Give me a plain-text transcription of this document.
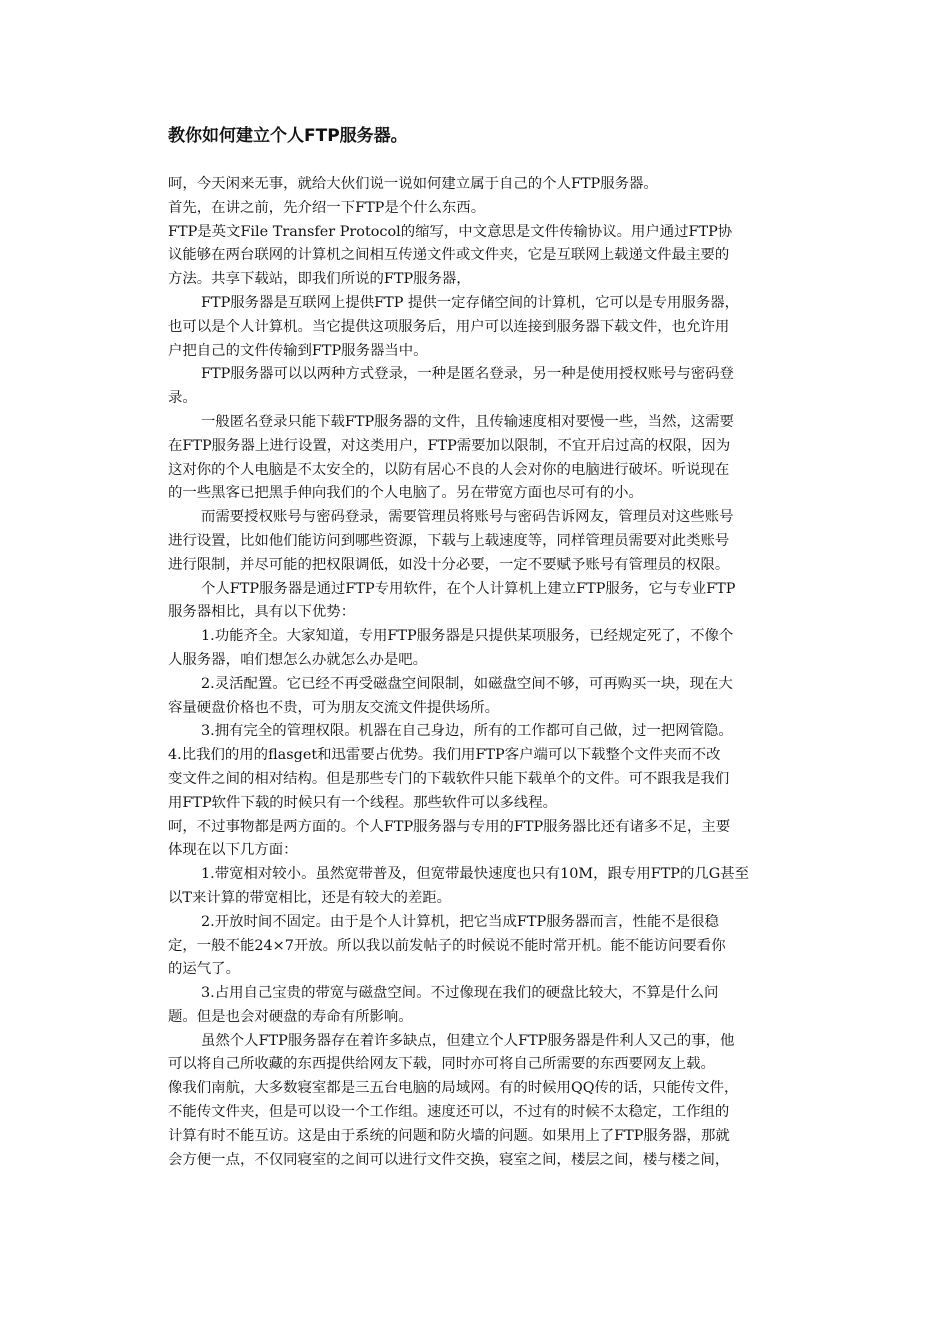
教你如何建立个人FTP服务器。
呵，今天闲来无事，就给大伙们说一说如何建立属于自己的个人FTP服务器。
首先，在讲之前，先介绍一下FTP是个什么东西。
FTP是英文File Transfer Protocol的缩写，中文意思是文件传输协议。用户通过FTP协
议能够在两台联网的计算机之间相互传递文件或文件夹，它是互联网上载递文件最主要的
方法。共享下载站，即我们所说的FTP服务器，
FTP服务器是互联网上提供FTP 提供一定存储空间的计算机，它可以是专用服务器，
也可以是个人计算机。当它提供这项服务后，用户可以连接到服务器下载文件，也允许用
户把自己的文件传输到FTP服务器当中。
FTP服务器可以以两种方式登录，一种是匿名登录，另一种是使用授权账号与密码登
录。
一般匿名登录只能下载FTP服务器的文件，且传输速度相对要慢一些，当然，这需要
在FTP服务器上进行设置，对这类用户，FTP需要加以限制，不宜开启过高的权限，因为
这对你的个人电脑是不太安全的，以防有居心不良的人会对你的电脑进行破坏。听说现在
的一些黑客已把黑手伸向我们的个人电脑了。另在带宽方面也尽可有的小。
而需要授权账号与密码登录，需要管理员将账号与密码告诉网友，管理员对这些账号
进行设置，比如他们能访问到哪些资源，下载与上载速度等，同样管理员需要对此类账号
进行限制，并尽可能的把权限调低，如没十分必要，一定不要赋予账号有管理员的权限。
个人FTP服务器是通过FTP专用软件，在个人计算机上建立FTP服务，它与专业FTP
服务器相比，具有以下优势：
1.功能齐全。大家知道，专用FTP服务器是只提供某项服务，已经规定死了，不像个
人服务器，咱们想怎么办就怎么办是吧。
2.灵活配置。它已经不再受磁盘空间限制，如磁盘空间不够，可再购买一块，现在大
容量硬盘价格也不贵，可为朋友交流文件提供场所。
3.拥有完全的管理权限。机器在自己身边，所有的工作都可自己做，过一把网管隐。
4.比我们的用的flasget和迅雷要占优势。我们用FTP客户端可以下载整个文件夹而不改
变文件之间的相对结构。但是那些专门的下载软件只能下载单个的文件。可不跟我是我们
用FTP软件下载的时候只有一个线程。那些软件可以多线程。
呵，不过事物都是两方面的。个人FTP服务器与专用的FTP服务器比还有诸多不足，主要
体现在以下几方面：
1.带宽相对较小。虽然宽带普及，但宽带最快速度也只有10M，跟专用FTP的几G甚至
以T来计算的带宽相比，还是有较大的差距。
2.开放时间不固定。由于是个人计算机，把它当成FTP服务器而言，性能不是很稳
定，一般不能24×7开放。所以我以前发帖子的时候说不能时常开机。能不能访问要看你
的运气了。
3.占用自己宝贵的带宽与磁盘空间。不过像现在我们的硬盘比较大，不算是什么问
题。但是也会对硬盘的寿命有所影响。
虽然个人FTP服务器存在着许多缺点，但建立个人FTP服务器是件利人又己的事，他
可以将自己所收藏的东西提供给网友下载，同时亦可将自己所需要的东西要网友上载。
像我们南航，大多数寝室都是三五台电脑的局域网。有的时候用QQ传的话，只能传文件，
不能传文件夹，但是可以设一个工作组。速度还可以，不过有的时候不太稳定，工作组的
计算有时不能互访。这是由于系统的问题和防火墙的问题。如果用上了FTP服务器，那就
会方便一点，不仅同寝室的之间可以进行文件交换，寝室之间，楼层之间，楼与楼之间，
